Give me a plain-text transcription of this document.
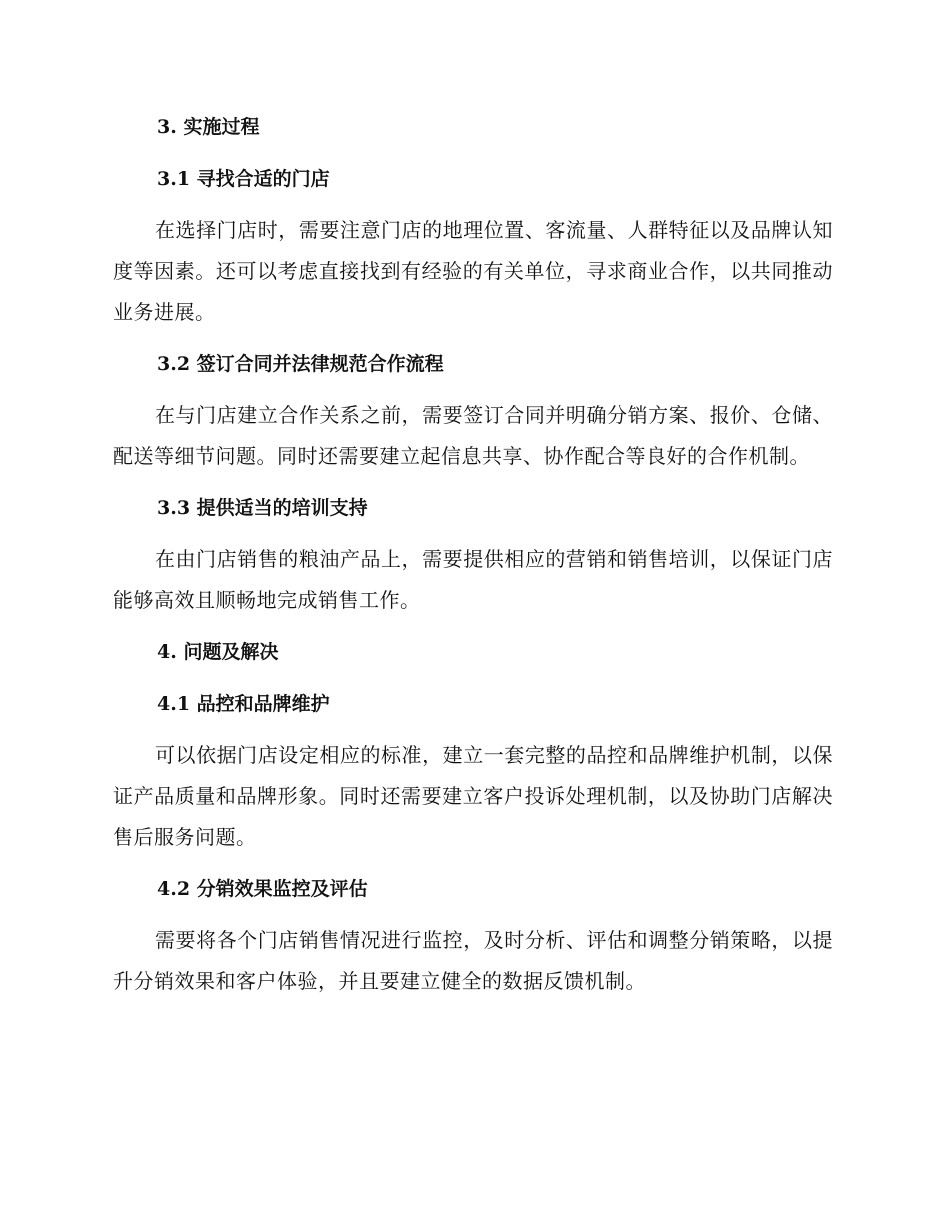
3. 实施过程
3.1 寻找合适的门店

在选择门店时，需要注意门店的地理位置、客流量、人群特征以及品牌认知度等因素。还可以考虑直接找到有经验的有关单位，寻求商业合作，以共同推动业务进展。

3.2 签订合同并法律规范合作流程

在与门店建立合作关系之前，需要签订合同并明确分销方案、报价、仓储、配送等细节问题。同时还需要建立起信息共享、协作配合等良好的合作机制。

3.3 提供适当的培训支持

在由门店销售的粮油产品上，需要提供相应的营销和销售培训，以保证门店能够高效且顺畅地完成销售工作。

4. 问题及解决
4.1 品控和品牌维护

可以依据门店设定相应的标准，建立一套完整的品控和品牌维护机制，以保证产品质量和品牌形象。同时还需要建立客户投诉处理机制，以及协助门店解决售后服务问题。

4.2 分销效果监控及评估

需要将各个门店销售情况进行监控，及时分析、评估和调整分销策略，以提升分销效果和客户体验，并且要建立健全的数据反馈机制。
